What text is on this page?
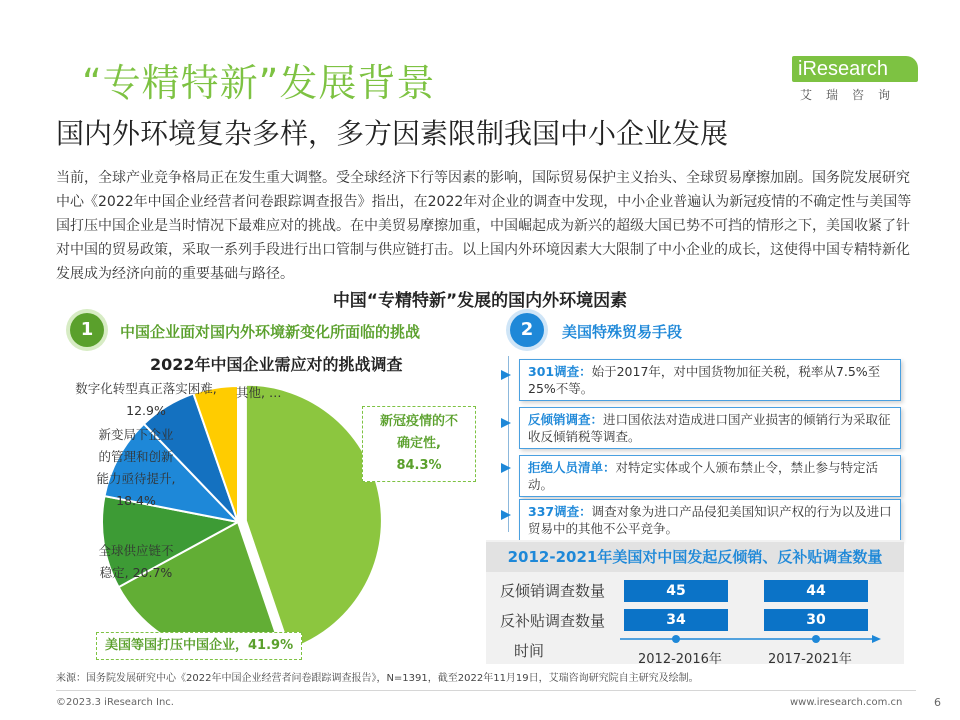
“专精特新”发展背景
国内外环境复杂多样，多方因素限制我国中小企业发展
iResearch
艾瑞咨询
当前，全球产业竞争格局正在发生重大调整。受全球经济下行等因素的影响，国际贸易保护主义抬头、全球贸易摩擦加剧。国务院发展研究中心《2022年中国企业经营者问卷跟踪调查报告》指出，在2022年对企业的调查中发现，中小企业普遍认为新冠疫情的不确定性与美国等国打压中国企业是当时情况下最难应对的挑战。在中美贸易摩擦加重，中国崛起成为新兴的超级大国已势不可挡的情形之下，美国收紧了针对中国的贸易政策，采取一系列手段进行出口管制与供应链打击。以上国内外环境因素大大限制了中小企业的成长，这使得中国专精特新化发展成为经济向前的重要基础与路径。
中国“专精特新”发展的国内外环境因素
1	中国企业面对国内外环境新变化所面临的挑战
2022年中国企业需应对的挑战调查
数字化转型真正落实困难,
12.9%
其他, …
新变局下企业
的管理和创新
能力亟待提升,
18.4%
全球供应链不
稳定, 20.7%
新冠疫情的不
确定性,
84.3%
美国等国打压中国企业，41.9%
2	美国特殊贸易手段
301调查：始于2017年，对中国货物加征关税，税率从7.5%至25%不等。
反倾销调查：进口国依法对造成进口国产业损害的倾销行为采取征收反倾销税等调查。
拒绝人员清单：对特定实体或个人颁布禁止令，禁止参与特定活动。
337调查：调查对象为进口产品侵犯美国知识产权的行为以及进口贸易中的其他不公平竞争。
2012-2021年美国对中国发起反倾销、反补贴调查数量
反倾销调查数量	45	44
反补贴调查数量	34	30
时间	2012-2016年	2017-2021年
来源：国务院发展研究中心《2022年中国企业经营者问卷跟踪调查报告》，N=1391，截至2022年11月19日，艾瑞咨询研究院自主研究及绘制。
©2023.3 iResearch Inc.	www.iresearch.com.cn	6
